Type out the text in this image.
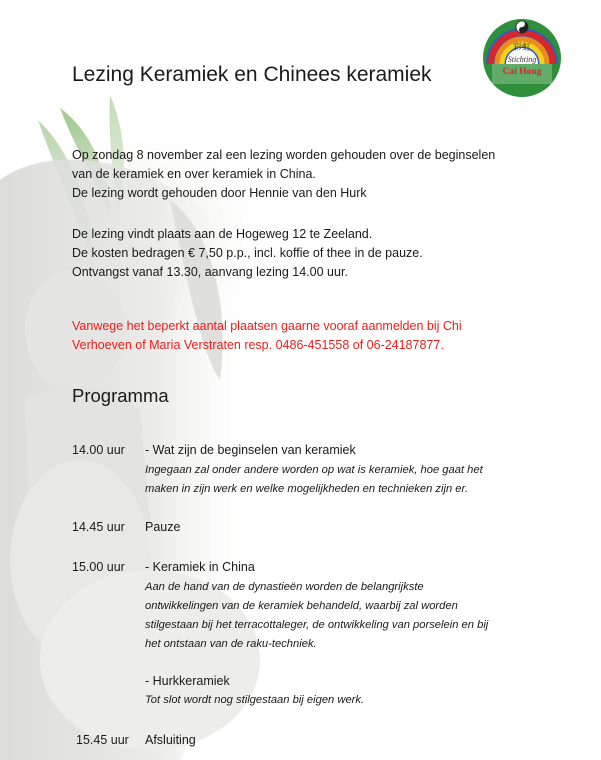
彩虹
Stichting
Cai Hong
Lezing Keramiek en Chinees keramiek
Op zondag 8 november zal een lezing worden gehouden over de beginselen
van de keramiek en over keramiek in China.
De lezing wordt gehouden door Hennie van den Hurk
De lezing vindt plaats aan de Hogeweg 12 te Zeeland.
De kosten bedragen € 7,50 p.p., incl. koffie of thee in de pauze.
Ontvangst vanaf 13.30, aanvang lezing 14.00 uur.
Vanwege het beperkt aantal plaatsen gaarne vooraf aanmelden bij Chi
Verhoeven of Maria Verstraten resp. 0486-451558 of 06-24187877.
Programma
14.00 uur - Wat zijn de beginselen van keramiek
Ingegaan zal onder andere worden op wat is keramiek, hoe gaat het
maken in zijn werk en welke mogelijkheden en technieken zijn er.
14.45 uur Pauze
15.00 uur - Keramiek in China
Aan de hand van de dynastieën worden de belangrijkste
ontwikkelingen van de keramiek behandeld, waarbij zal worden
stilgestaan bij het terracottaleger, de ontwikkeling van porselein en bij
het ontstaan van de raku-techniek.
- Hurkkeramiek
Tot slot wordt nog stilgestaan bij eigen werk.
15.45 uur Afsluiting
